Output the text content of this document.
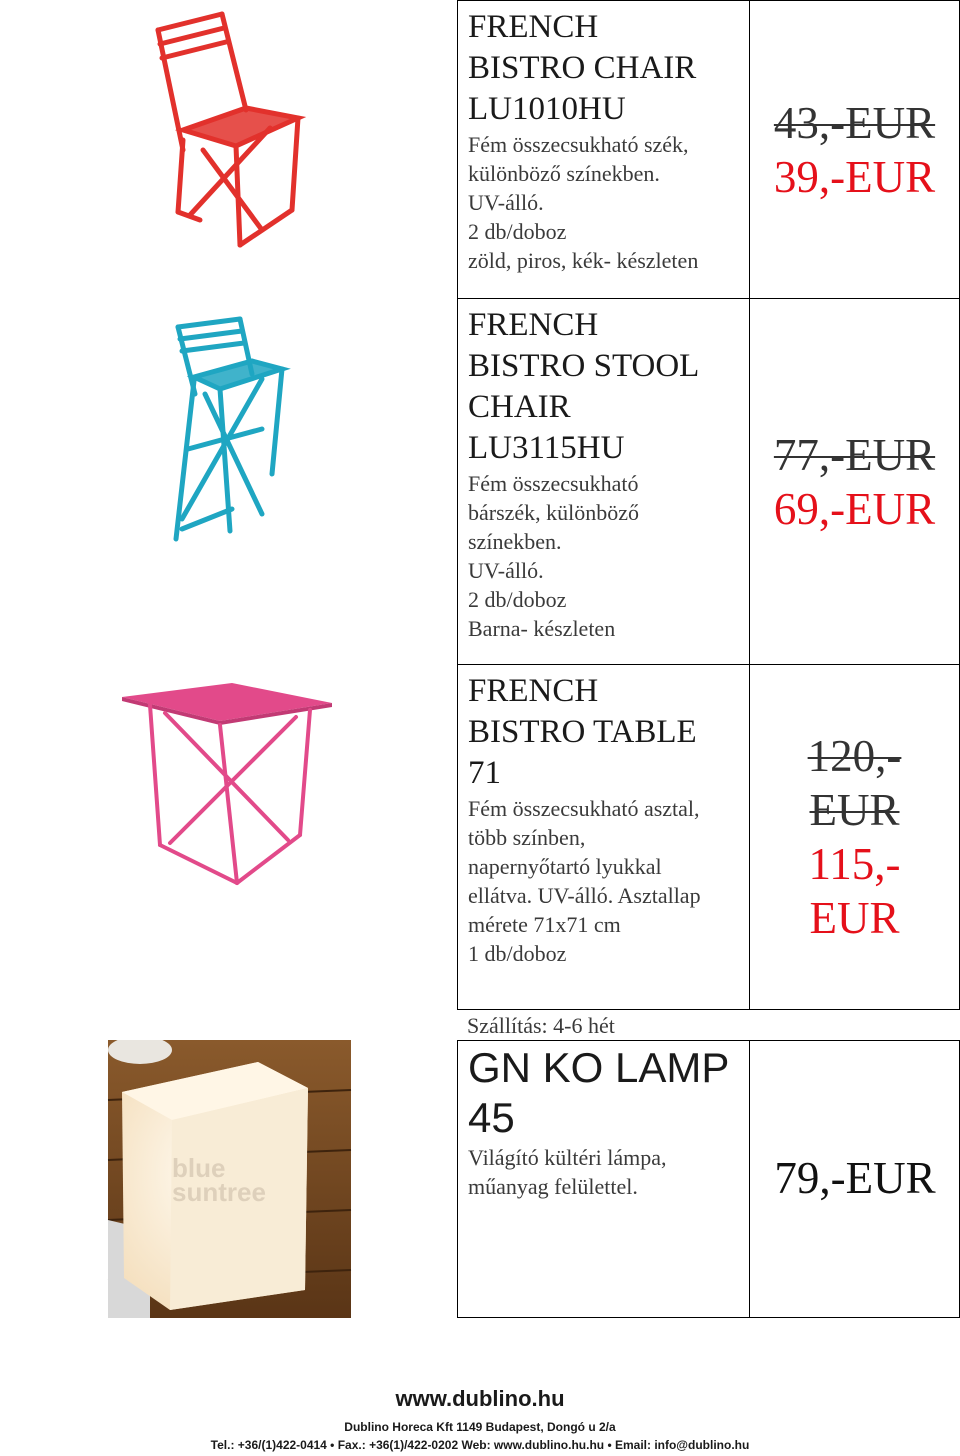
FRENCH
BISTRO CHAIR
LU1010HU
Fém összecsukható szék,
különböző színekben.
UV-álló.
2 db/doboz
zöld, piros, kék- készleten
43,-EUR
39,-EUR
FRENCH
BISTRO STOOL
CHAIR
LU3115HU
Fém összecsukható
bárszék, különböző
színekben.
UV-álló.
2 db/doboz
Barna- készleten
77,-EUR
69,-EUR
FRENCH
BISTRO TABLE
71
Fém összecsukható asztal,
több színben,
napernyőtartó lyukkal
ellátva. UV-álló. Asztallap
mérete 71x71 cm
1 db/doboz
120,-
EUR
115,-
EUR
Szállítás: 4-6 hét
blue
suntree
GN KO LAMP
45
Világító kültéri lámpa,
műanyag felülettel.	79,-EUR
www.dublino.hu
Dublino Horeca Kft 1149 Budapest, Dongó u 2/a
Tel.: +36/(1)422-0414 • Fax.: +36(1)/422-0202 Web: www.dublino.hu.hu • Email: info@dublino.hu
